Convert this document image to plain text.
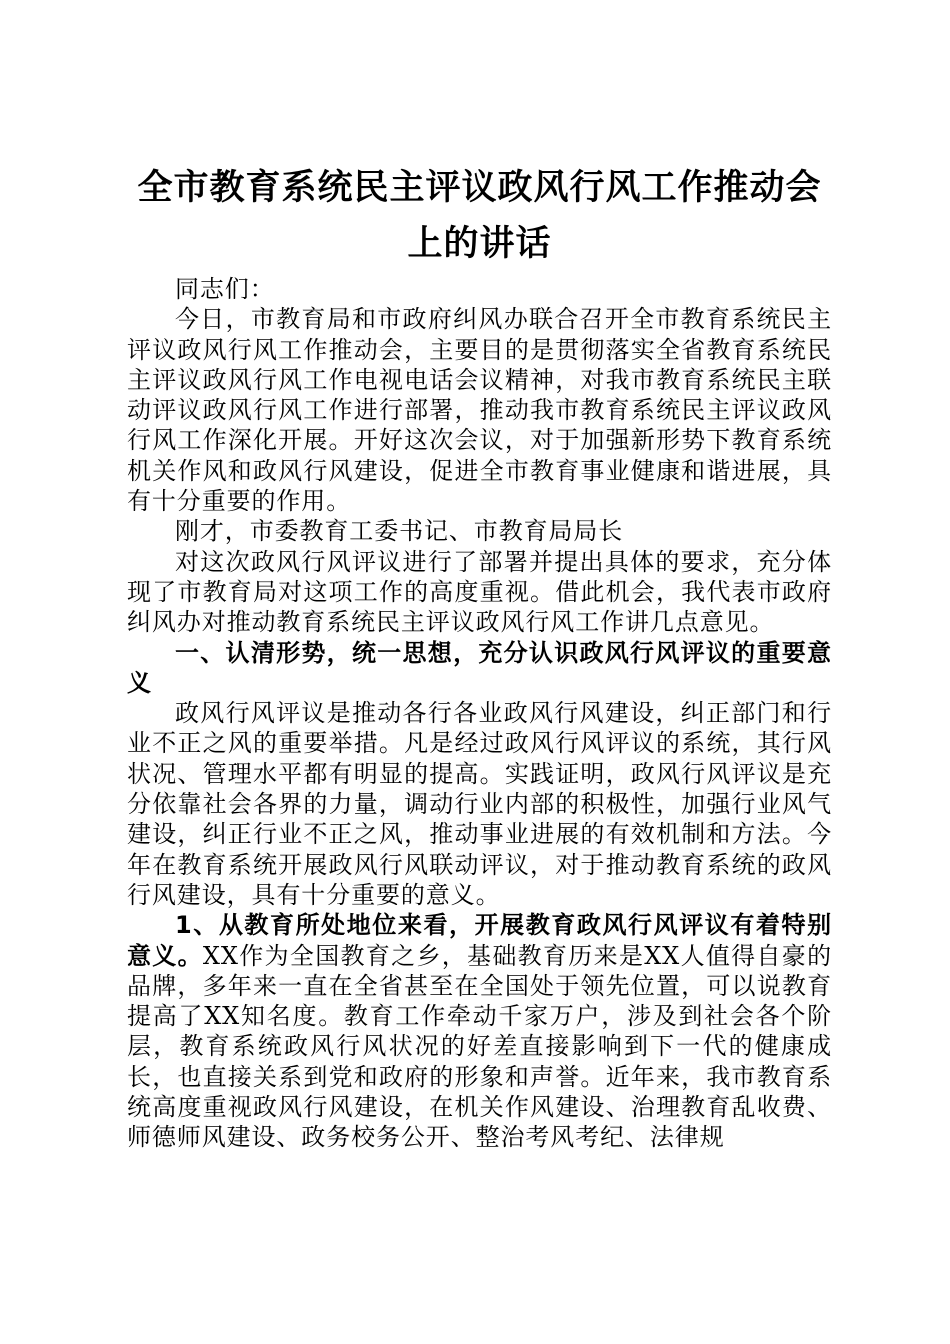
全市教育系统民主评议政风行风工作推动会上的讲话

同志们：

今日，市教育局和市政府纠风办联合召开全市教育系统民主评议政风行风工作推动会，主要目的是贯彻落实全省教育系统民主评议政风行风工作电视电话会议精神，对我市教育系统民主联动评议政风行风工作进行部署，推动我市教育系统民主评议政风行风工作深化开展。开好这次会议，对于加强新形势下教育系统机关作风和政风行风建设，促进全市教育事业健康和谐进展，具有十分重要的作用。

刚才，市委教育工委书记、市教育局局长

对这次政风行风评议进行了部署并提出具体的要求，充分体现了市教育局对这项工作的高度重视。借此机会，我代表市政府纠风办对推动教育系统民主评议政风行风工作讲几点意见。

一、认清形势，统一思想，充分认识政风行风评议的重要意义

政风行风评议是推动各行各业政风行风建设，纠正部门和行业不正之风的重要举措。凡是经过政风行风评议的系统，其行风状况、管理水平都有明显的提高。实践证明，政风行风评议是充分依靠社会各界的力量，调动行业内部的积极性，加强行业风气建设，纠正行业不正之风，推动事业进展的有效机制和方法。今年在教育系统开展政风行风联动评议，对于推动教育系统的政风行风建设，具有十分重要的意义。

1、从教育所处地位来看，开展教育政风行风评议有着特别意义。XX作为全国教育之乡，基础教育历来是XX人值得自豪的品牌，多年来一直在全省甚至在全国处于领先位置，可以说教育提高了XX知名度。教育工作牵动千家万户，涉及到社会各个阶层，教育系统政风行风状况的好差直接影响到下一代的健康成长，也直接关系到党和政府的形象和声誉。近年来，我市教育系统高度重视政风行风建设，在机关作风建设、治理教育乱收费、师德师风建设、政务校务公开、整治考风考纪、法律规
